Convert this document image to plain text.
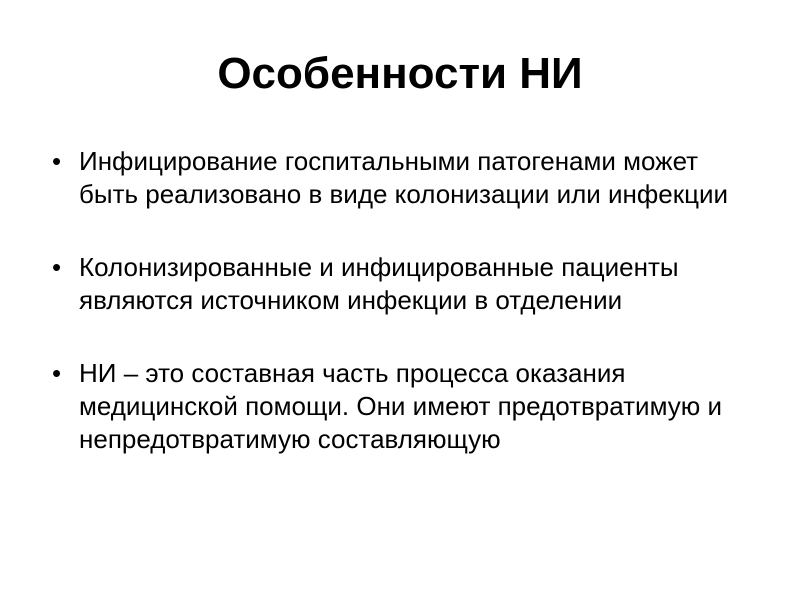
Особенности НИ
• Инфицирование госпитальными патогенами может быть реализовано в виде колонизации или инфекции
• Колонизированные и инфицированные пациенты являются источником инфекции в отделении
• НИ – это составная часть процесса оказания медицинской помощи. Они имеют предотвратимую и непредотвратимую составляющую
